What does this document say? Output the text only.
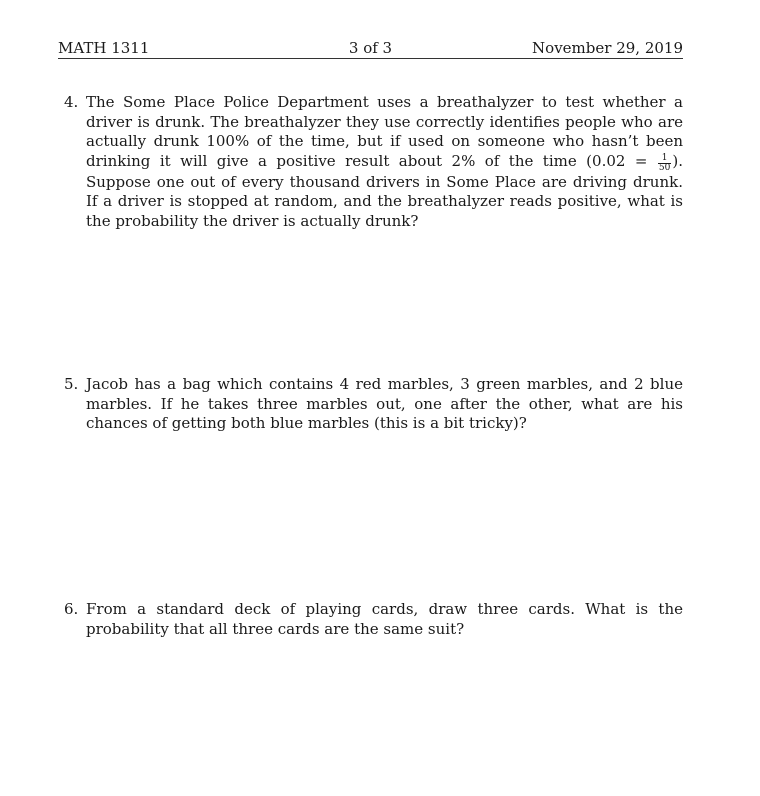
MATH 1311	3 of 3	November 29, 2019
4. The Some Place Police Department uses a breathalyzer to test whether a driver is drunk. The breathalyzer they use correctly identifies people who are actually drunk 100% of the time, but if used on someone who hasn’t been drinking it will give a positive result about 2% of the time ($0.02 = \frac{1}{50}$ ). Suppose one out of every thousand drivers in Some Place are driving drunk. If a driver is stopped at random, and the breathalyzer reads positive, what is the probability the driver is actually drunk?
5. Jacob has a bag which contains 4 red marbles, 3 green marbles, and 2 blue marbles. If he takes three marbles out, one after the other, what are his chances of getting both blue marbles (this is a bit tricky)?
6. From a standard deck of playing cards, draw three cards. What is the probability that all three cards are the same suit?
